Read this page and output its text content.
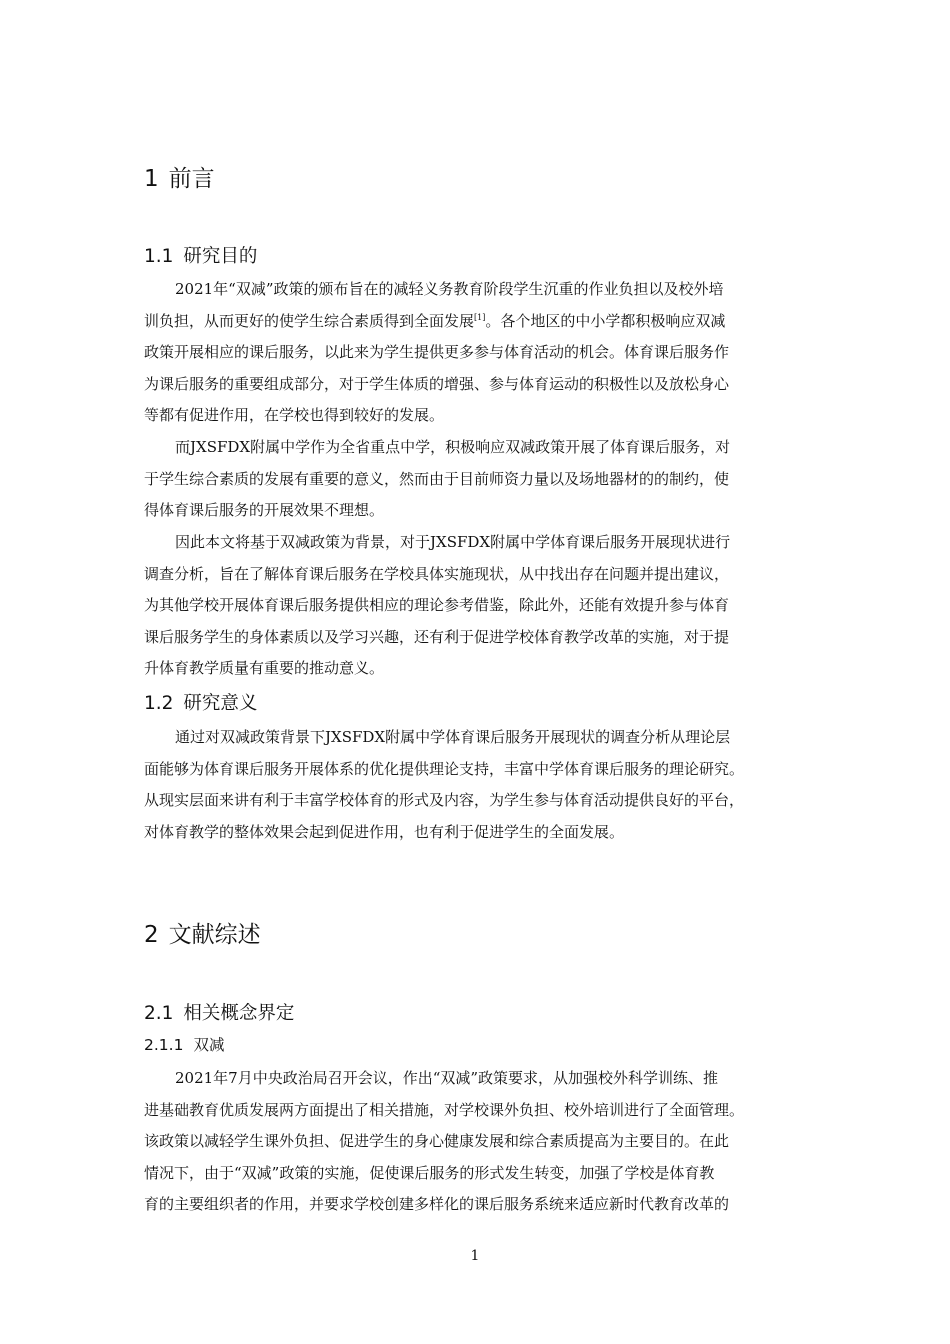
1 前言
1.1 研究目的
2021年“双减”政策的颁布旨在的减轻义务教育阶段学生沉重的作业负担以及校外培
训负担，从而更好的使学生综合素质得到全面发展[1]。各个地区的中小学都积极响应双减
政策开展相应的课后服务，以此来为学生提供更多参与体育活动的机会。体育课后服务作
为课后服务的重要组成部分，对于学生体质的增强、参与体育运动的积极性以及放松身心
等都有促进作用，在学校也得到较好的发展。
而JXSFDX附属中学作为全省重点中学，积极响应双减政策开展了体育课后服务，对
于学生综合素质的发展有重要的意义，然而由于目前师资力量以及场地器材的的制约，使
得体育课后服务的开展效果不理想。
因此本文将基于双减政策为背景，对于JXSFDX附属中学体育课后服务开展现状进行
调查分析，旨在了解体育课后服务在学校具体实施现状，从中找出存在问题并提出建议，
为其他学校开展体育课后服务提供相应的理论参考借鉴，除此外，还能有效提升参与体育
课后服务学生的身体素质以及学习兴趣，还有利于促进学校体育教学改革的实施，对于提
升体育教学质量有重要的推动意义。
1.2 研究意义
通过对双减政策背景下JXSFDX附属中学体育课后服务开展现状的调查分析从理论层
面能够为体育课后服务开展体系的优化提供理论支持，丰富中学体育课后服务的理论研究。
从现实层面来讲有利于丰富学校体育的形式及内容，为学生参与体育活动提供良好的平台，
对体育教学的整体效果会起到促进作用，也有利于促进学生的全面发展。
2 文献综述
2.1 相关概念界定
2.1.1 双减
2021年7月中央政治局召开会议，作出“双减”政策要求，从加强校外科学训练、推
进基础教育优质发展两方面提出了相关措施，对学校课外负担、校外培训进行了全面管理。
该政策以减轻学生课外负担、促进学生的身心健康发展和综合素质提高为主要目的。在此
情况下，由于“双减”政策的实施，促使课后服务的形式发生转变，加强了学校是体育教
育的主要组织者的作用，并要求学校创建多样化的课后服务系统来适应新时代教育改革的
1
